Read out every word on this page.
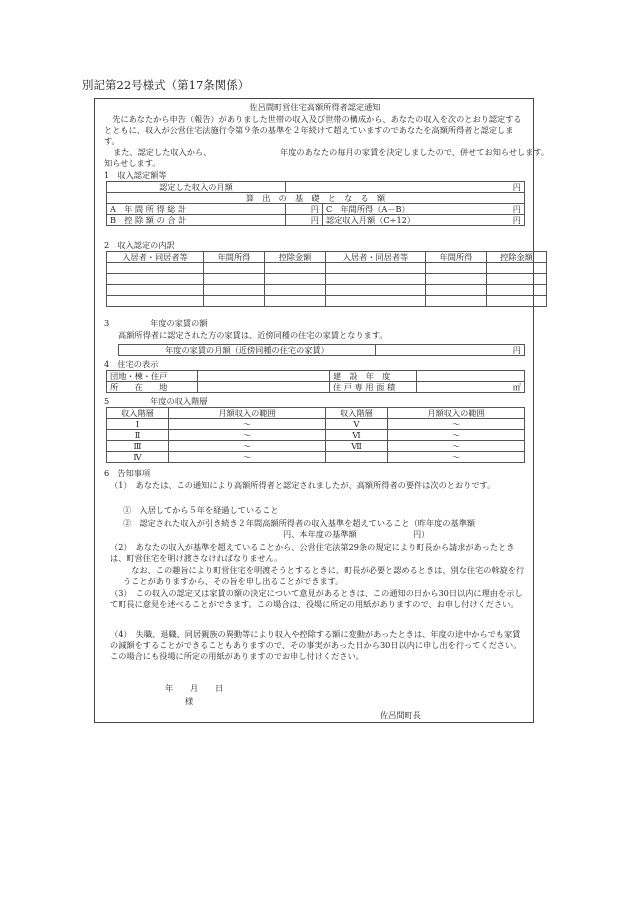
別記第22号様式（第17条関係）
佐呂間町営住宅高額所得者認定通知
先にあなたから申告（報告）がありました世帯の収入及び世帯の構成から、あなたの収入を次のとおり認定するとともに、収入が公営住宅法施行令第９条の基準を２年続けて超えていますのであなたを高額所得者と認定します。
また、認定した収入から、	年度のあなたの毎月の家賃を決定しましたので、併せてお知らせします。
知らせします。
1　収入認定額等
認定した収入の月額	円	
算　出　の　基　礎　と　な　る　額		
A　年 間 所 得 総 計	円	C　年間所得（A－B） 円

B　控 除 額 の 合 計	円	認定収入月額（C÷12） 円
2　収入認定の内訳
入居者・同居者等	年間所得	控除金額	入居者・同居者等	年間所得	控除金額

3　　　　　年度の家賃の額
高額所得者に認定された方の家賃は、近傍同種の住宅の家賃となります。
年度の家賃の月額（近傍同種の住宅の家賃）	円
4　住宅の表示
団地・棟・住戸		建　設　年　度	
所　　在　　地		住 戸 専 用 面 積	㎡
5　　　　　年度の収入階層
収入階層	月額収入の範囲	収入階層	月額収入の範囲
Ⅰ	～	Ⅴ	～
Ⅱ	～	Ⅵ	～
Ⅲ	～	Ⅶ	～
Ⅳ	～		～
6　告知事項
（1）　あなたは、この通知により高額所得者と認定されましたが、高額所得者の要件は次のとおりです。
①　入居してから５年を経過していること
②　認定された収入が引き続き２年間高額所得者の収入基準を超えていること（昨年度の基準額
円、本年度の基準額	円）
（2）　あなたの収入が基準を超えていることから、公営住宅法第29条の規定により町長から請求があったときは、町営住宅を明け渡さなければなりません。
なお、この趣旨により町営住宅を明渡そうとするときに、町長が必要と認めるときは、別な住宅の斡旋を行うことがありますから、その旨を申し出ることができます。
（3）　この収入の認定又は家賃の額の決定について意見があるときは、この通知の日から30日以内に理由を示して町長に意見を述べることができます。この場合は、役場に所定の用紙がありますので、お申し付けください。
（4）　失職、退職、同居親族の異動等により収入や控除する額に変動があったときは、年度の途中からでも家賃の減額をすることができることもありますので、その事実があった日から30日以内に申し出を行ってください。この場合にも役場に所定の用紙がありますのでお申し付けください。
年 月 日
様
佐呂間町長
